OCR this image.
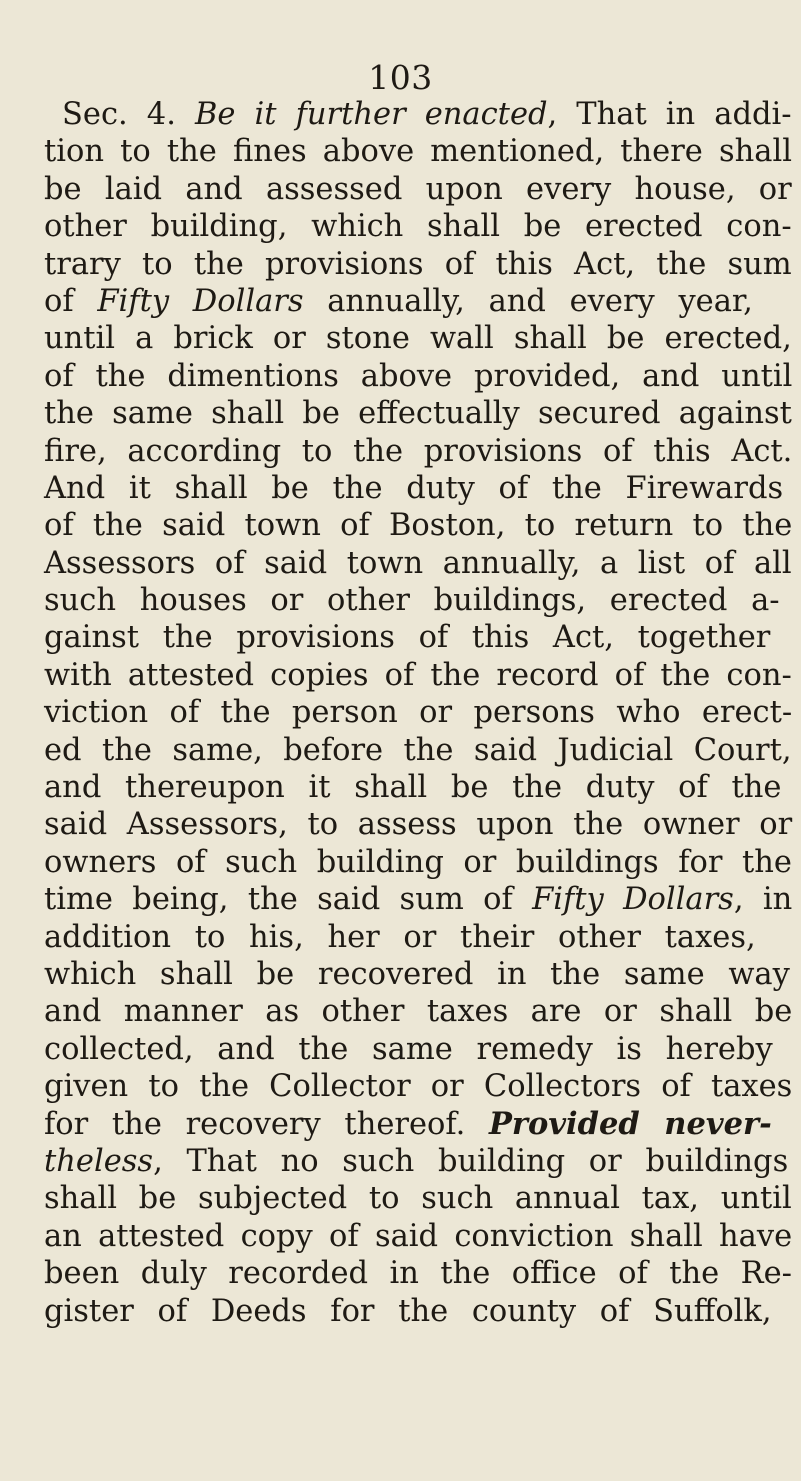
103
Sec. 4. Be it further enacted, That in addi-
tion to the fines above mentioned, there shall
be laid and assessed upon every house, or
other building, which shall be erected con-
trary to the provisions of this Act, the sum
of Fifty Dollars annually, and every year,
until a brick or stone wall shall be erected,
of the dimentions above provided, and until
the same shall be effectually secured against
fire, according to the provisions of this Act.
And it shall be the duty of the Firewards
of the said town of Boston, to return to the
Assessors of said town annually, a list of all
such houses or other buildings, erected a-
gainst the provisions of this Act, together
with attested copies of the record of the con-
viction of the person or persons who erect-
ed the same, before the said Judicial Court,
and thereupon it shall be the duty of the
said Assessors, to assess upon the owner or
owners of such building or buildings for the
time being, the said sum of Fifty Dollars, in
addition to his, her or their other taxes,
which shall be recovered in the same way
and manner as other taxes are or shall be
collected, and the same remedy is hereby
given to the Collector or Collectors of taxes
for the recovery thereof. Provided never-
theless, That no such building or buildings
shall be subjected to such annual tax, until
an attested copy of said conviction shall have
been duly recorded in the office of the Re-
gister of Deeds for the county of Suffolk,
